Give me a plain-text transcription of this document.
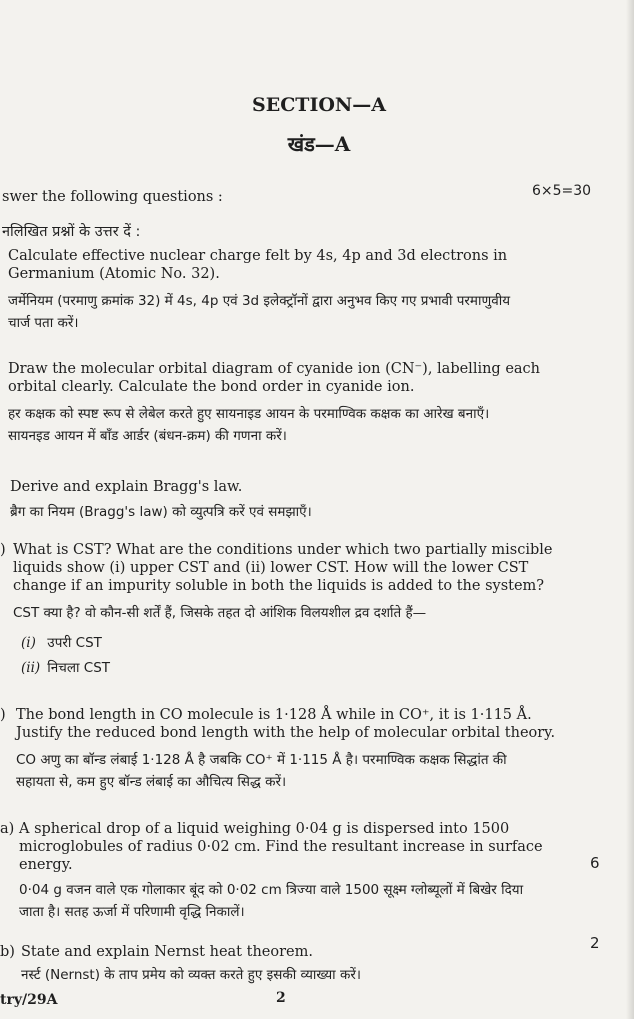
SECTION—A
खंड—A
swer the following questions :
नलिखित प्रश्नों के उत्तर दें :
6×5=30
Calculate effective nuclear charge felt by 4s, 4p and 3d electrons in
Germanium (Atomic No. 32).
जर्मेनियम (परमाणु क्रमांक 32) में 4s, 4p एवं 3d इलेक्ट्रॉनों द्वारा अनुभव किए गए प्रभावी परमाणुवीय
चार्ज पता करें।
Draw the molecular orbital diagram of cyanide ion (CN⁻), labelling each
orbital clearly. Calculate the bond order in cyanide ion.
हर कक्षक को स्पष्ट रूप से लेबेल करते हुए सायनाइड आयन के परमाण्विक कक्षक का आरेख बनाएँ।
सायनइड आयन में बॉंड आर्डर (बंधन-क्रम) की गणना करें।
Derive and explain Bragg's law.
ब्रैग का नियम (Bragg's law) को व्युत्पत्रि करें एवं समझाएँ।
) What is CST? What are the conditions under which two partially miscible
liquids show (i) upper CST and (ii) lower CST. How will the lower CST
change if an impurity soluble in both the liquids is added to the system?
CST क्या है? वो कौन-सी शर्तें हैं, जिसके तहत दो आंशिक विलयशील द्रव दर्शाते हैं—
(i) उपरी CST
(ii) निचला CST
) The bond length in CO molecule is 1·128 Å while in CO⁺, it is 1·115 Å.
Justify the reduced bond length with the help of molecular orbital theory.
CO अणु का बॉन्ड लंबाई 1·128 Å है जबकि CO⁺ में 1·115 Å है। परमाण्विक कक्षक सिद्धांत की
सहायता से, कम हुए बॉन्ड लंबाई का औचित्य सिद्ध करें।
a) A spherical drop of a liquid weighing 0·04 g is dispersed into 1500
microglobules of radius 0·02 cm. Find the resultant increase in surface
energy.
0·04 g वजन वाले एक गोलाकार बूंद को 0·02 cm त्रिज्या वाले 1500 सूक्ष्म ग्लोब्यूलों में बिखेर दिया
जाता है। सतह ऊर्जा में परिणामी वृद्धि निकालें।
6
b) State and explain Nernst heat theorem.
नर्स्ट (Nernst) के ताप प्रमेय को व्यक्त करते हुए इसकी व्याख्या करें।
2
try/29A	2
